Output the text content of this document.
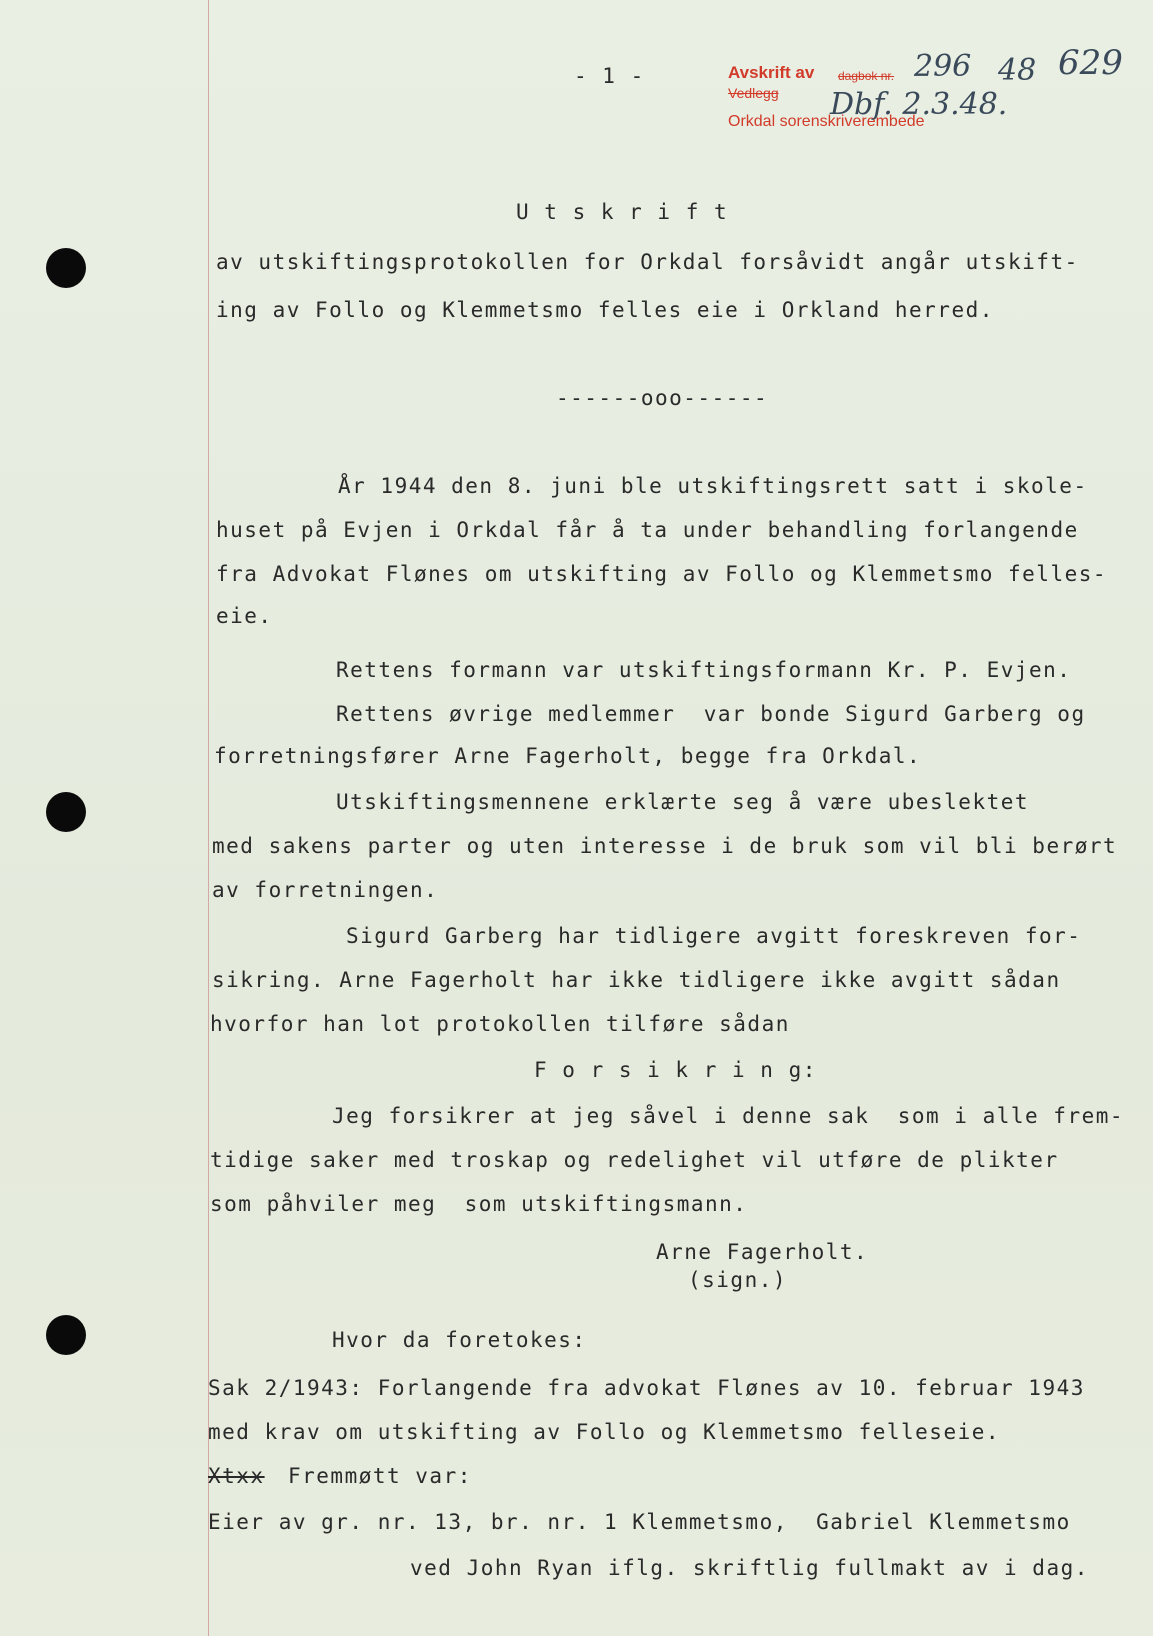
- 1 -	Avskrift av
Vedlegg
dagbok nr.
Orkdal sorenskriverembede
296 48 629
Dbf. 2.3.48.
U t s k r i f t
av utskiftingsprotokollen for Orkdal forsåvidt angår utskift-
ing av Follo og Klemmetsmo felles eie i Orkland herred.
------ooo------
År 1944 den 8. juni ble utskiftingsrett satt i skole-
huset på Evjen i Orkdal får å ta under behandling forlangende
fra Advokat Flønes om utskifting av Follo og Klemmetsmo felles-
eie.
Rettens formann var utskiftingsformann Kr. P. Evjen.
Rettens øvrige medlemmer  var bonde Sigurd Garberg og
forretningsfører Arne Fagerholt, begge fra Orkdal.
Utskiftingsmennene erklærte seg å være ubeslektet
med sakens parter og uten interesse i de bruk som vil bli berørt
av forretningen.
Sigurd Garberg har tidligere avgitt foreskreven for-
sikring. Arne Fagerholt har ikke tidligere ikke avgitt sådan
hvorfor han lot protokollen tilføre sådan
F o r s i k r i n g:
Jeg forsikrer at jeg såvel i denne sak  som i alle frem-
tidige saker med troskap og redelighet vil utføre de plikter
som påhviler meg  som utskiftingsmann.
Arne Fagerholt.
(sign.)
Hvor da foretokes:
Sak 2/1943: Forlangende fra advokat Flønes av 10. februar 1943
med krav om utskifting av Follo og Klemmetsmo felleseie.
Xtxx Fremmøtt var:
Eier av gr. nr. 13, br. nr. 1 Klemmetsmo,  Gabriel Klemmetsmo
ved John Ryan iflg. skriftlig fullmakt av i dag.
